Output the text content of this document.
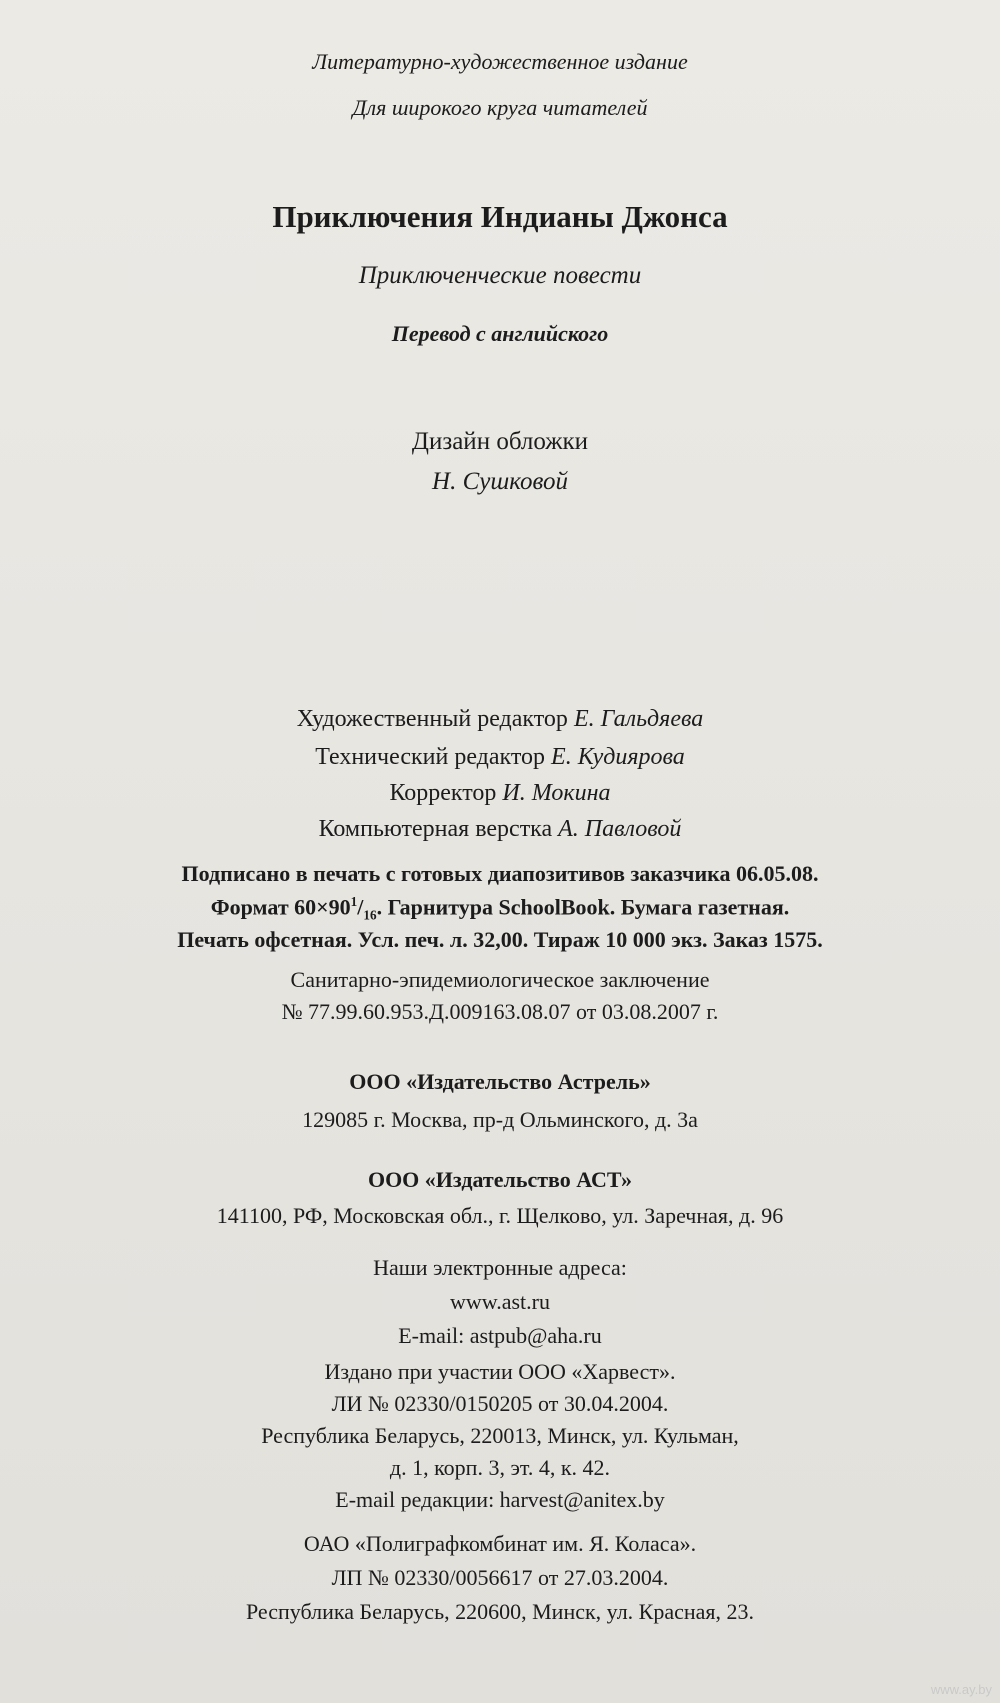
Литературно-художественное издание
Для широкого круга читателей
Приключения Индианы Джонса
Приключенческие повести
Перевод с английского
Дизайн обложки
Н. Сушковой
Художественный редактор Е. Гальдяева
Технический редактор Е. Кудиярова
Корректор И. Мокина
Компьютерная верстка А. Павловой
Подписано в печать с готовых диапозитивов заказчика 06.05.08.
Формат $60\times 90^1/_{16}$. Гарнитура SchoolBook. Бумага газетная.
Печать офсетная. Усл. печ. л. 32,00. Тираж 10 000 экз. Заказ 1575.
Санитарно-эпидемиологическое заключение
№ 77.99.60.953.Д.009163.08.07 от 03.08.2007 г.
ООО «Издательство Астрель»
129085 г. Москва, пр-д Ольминского, д. 3а
ООО «Издательство АСТ»
141100, РФ, Московская обл., г. Щелково, ул. Заречная, д. 96
Наши электронные адреса:
www.ast.ru
E-mail: astpub@aha.ru
Издано при участии ООО «Харвест».
ЛИ № 02330/0150205 от 30.04.2004.
Республика Беларусь, 220013, Минск, ул. Кульман,
д. 1, корп. 3, эт. 4, к. 42.
E-mail редакции: harvest@anitex.by
ОАО «Полиграфкомбинат им. Я. Коласа».
ЛП № 02330/0056617 от 27.03.2004.
Республика Беларусь, 220600, Минск, ул. Красная, 23.
www.ay.by
